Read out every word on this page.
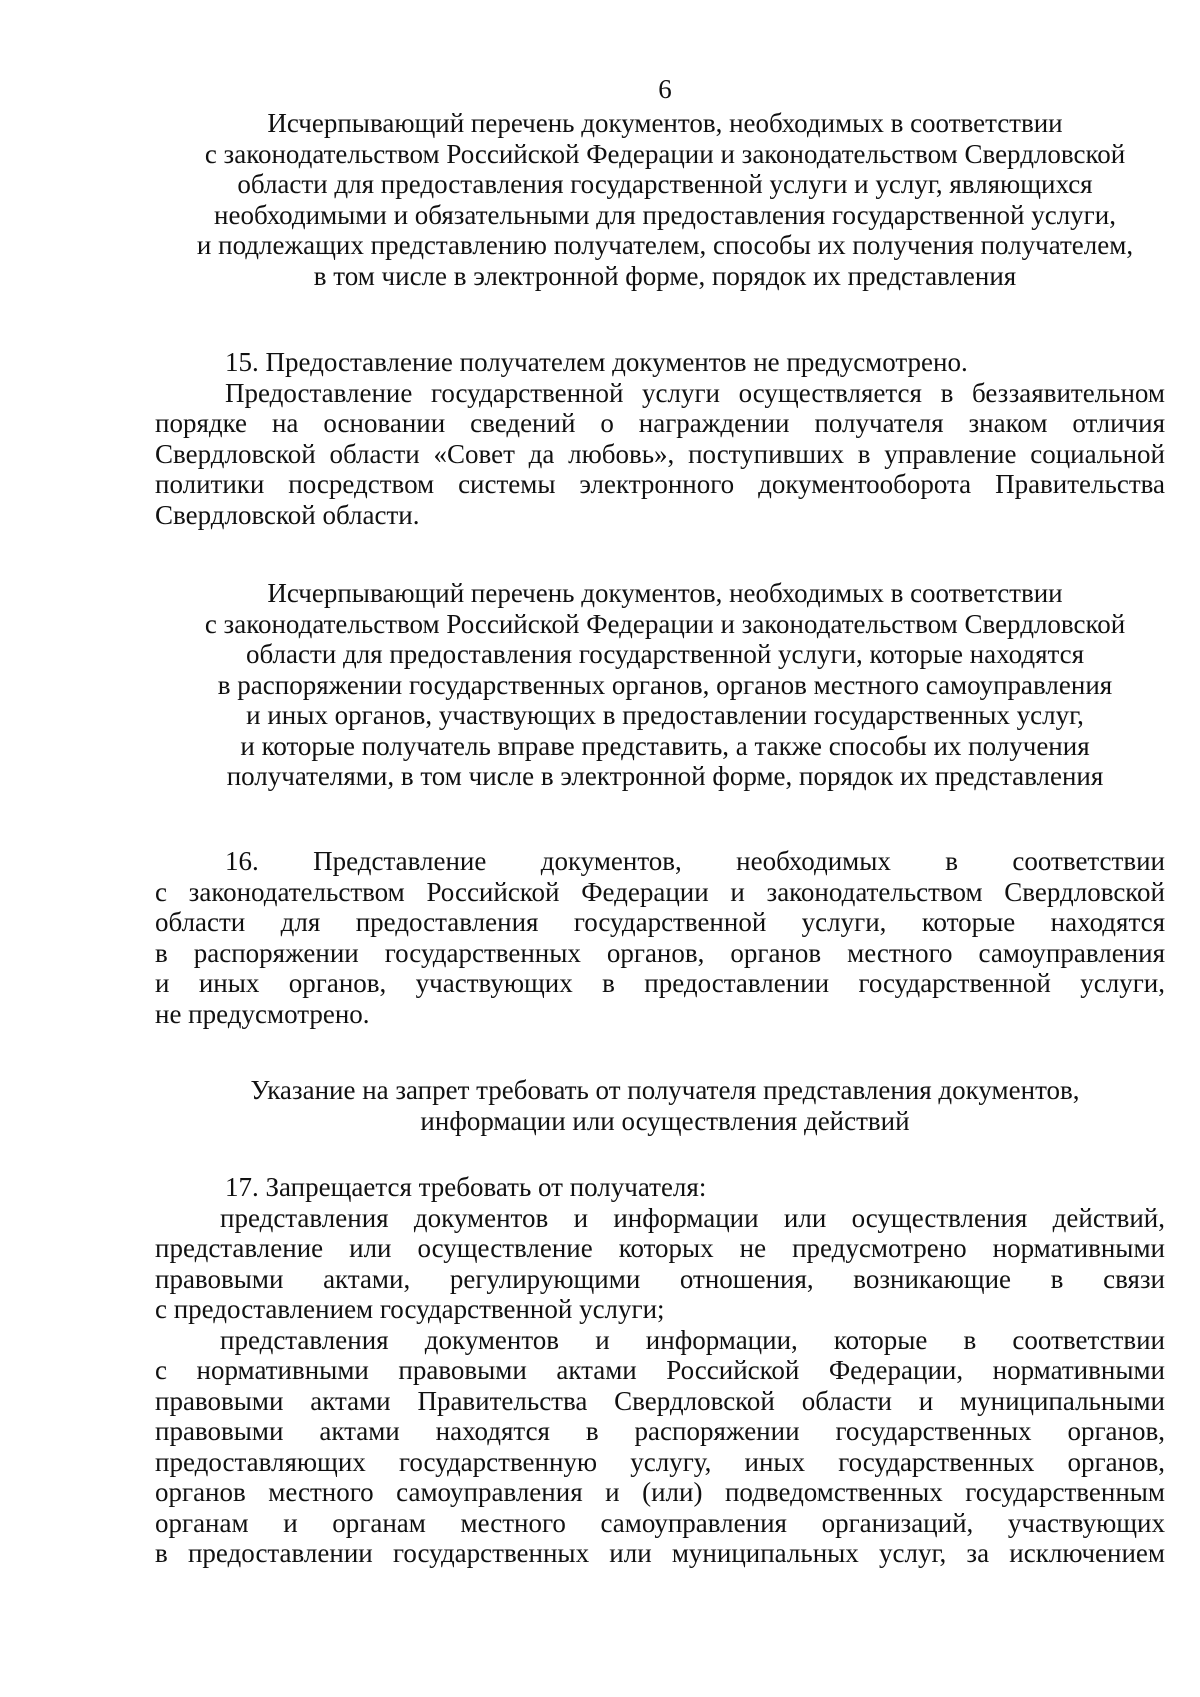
6
Исчерпывающий перечень документов, необходимых в соответствии
с законодательством Российской Федерации и законодательством Свердловской
области для предоставления государственной услуги и услуг, являющихся
необходимыми и обязательными для предоставления государственной услуги,
и подлежащих представлению получателем, способы их получения получателем,
в том числе в электронной форме, порядок их представления
15. Предоставление получателем документов не предусмотрено.
Предоставление государственной услуги осуществляется в беззаявительном
порядке на основании сведений о награждении получателя знаком отличия
Свердловской области «Совет да любовь», поступивших в управление социальной
политики посредством системы электронного документооборота Правительства
Свердловской области.
Исчерпывающий перечень документов, необходимых в соответствии
с законодательством Российской Федерации и законодательством Свердловской
области для предоставления государственной услуги, которые находятся
в распоряжении государственных органов, органов местного самоуправления
и иных органов, участвующих в предоставлении государственных услуг,
и которые получатель вправе представить, а также способы их получения
получателями, в том числе в электронной форме, порядок их представления
16. Представление документов, необходимых в соответствии
с законодательством Российской Федерации и законодательством Свердловской
области для предоставления государственной услуги, которые находятся
в распоряжении государственных органов, органов местного самоуправления
и иных органов, участвующих в предоставлении государственной услуги,
не предусмотрено.
Указание на запрет требовать от получателя представления документов,
информации или осуществления действий
17. Запрещается требовать от получателя:
представления документов и информации или осуществления действий,
представление или осуществление которых не предусмотрено нормативными
правовыми актами, регулирующими отношения, возникающие в связи
с предоставлением государственной услуги;
представления документов и информации, которые в соответствии
с нормативными правовыми актами Российской Федерации, нормативными
правовыми актами Правительства Свердловской области и муниципальными
правовыми актами находятся в распоряжении государственных органов,
предоставляющих государственную услугу, иных государственных органов,
органов местного самоуправления и (или) подведомственных государственным
органам и органам местного самоуправления организаций, участвующих
в предоставлении государственных или муниципальных услуг, за исключением
